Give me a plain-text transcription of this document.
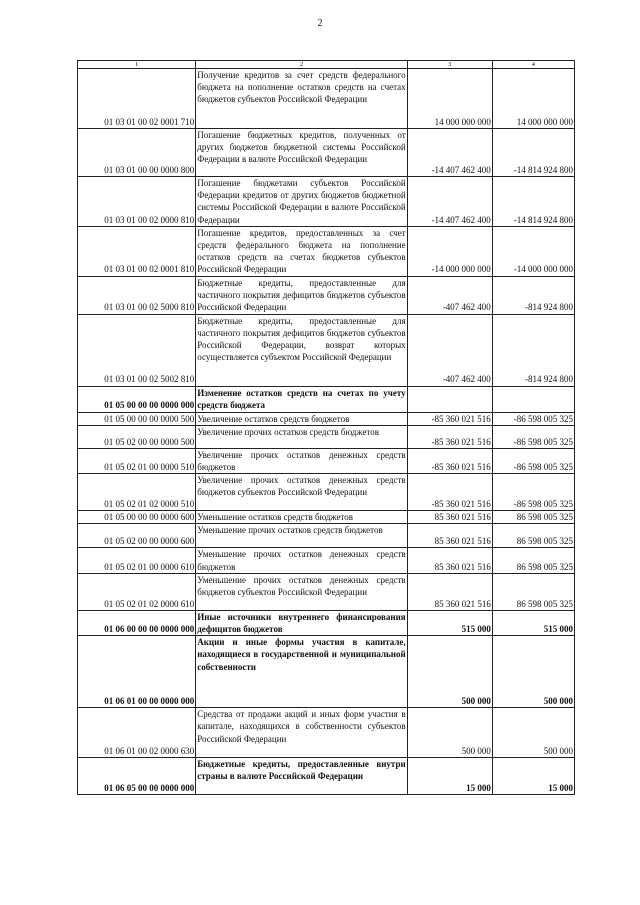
2
1	2	3	4
01 03 01 00 02 0001 710	Получение кредитов за счет средств федерального бюджета на пополнение остатков средств на счетах бюджетов субъектов Российской Федерации	14 000 000 000	14 000 000 000
01 03 01 00 00 0000 800	Погашение бюджетных кредитов, полученных от других бюджетов бюджетной системы Российской Федерации в валюте Российской Федерации	-14 407 462 400	-14 814 924 800
01 03 01 00 02 0000 810	Погашение бюджетами субъектов Российской Федерации кредитов от других бюджетов бюджетной системы Российской Федерации в валюте Российской Федерации	-14 407 462 400	-14 814 924 800
01 03 01 00 02 0001 810	Погашение кредитов, предоставленных за счет средств федерального бюджета на пополнение остатков средств на счетах бюджетов субъектов Российской Федерации	-14 000 000 000	-14 000 000 000
01 03 01 00 02 5000 810	Бюджетные кредиты, предоставленные для частичного покрытия дефицитов бюджетов субъектов Российской Федерации	-407 462 400	-814 924 800
01 03 01 00 02 5002 810	Бюджетные кредиты, предоставленные для частичного покрытия дефицитов бюджетов субъектов Российской Федерации, возврат которых осуществляется субъектом Российской Федерации	-407 462 400	-814 924 800
01 05 00 00 00 0000 000	Изменение остатков средств на счетах по учету средств бюджета		
01 05 00 00 00 0000 500	Увеличение остатков средств бюджетов	-85 360 021 516	-86 598 005 325
01 05 02 00 00 0000 500	Увеличение прочих остатков средств бюджетов	-85 360 021 516	-86 598 005 325
01 05 02 01 00 0000 510	Увеличение прочих остатков денежных средств бюджетов	-85 360 021 516	-86 598 005 325
01 05 02 01 02 0000 510	Увеличение прочих остатков денежных средств бюджетов субъектов Российской Федерации	-85 360 021 516	-86 598 005 325
01 05 00 00 00 0000 600	Уменьшение остатков средств бюджетов	85 360 021 516	86 598 005 325
01 05 02 00 00 0000 600	Уменьшение прочих остатков средств бюджетов	85 360 021 516	86 598 005 325
01 05 02 01 00 0000 610	Уменьшение прочих остатков денежных средств бюджетов	85 360 021 516	86 598 005 325
01 05 02 01 02 0000 610	Уменьшение прочих остатков денежных средств бюджетов субъектов Российской Федерации	85 360 021 516	86 598 005 325
01 06 00 00 00 0000 000	Иные источники внутреннего финансирования дефицитов бюджетов	515 000	515 000
01 06 01 00 00 0000 000	Акции и иные формы участия в капитале, находящиеся в государственной и муниципальной собственности	500 000	500 000
01 06 01 00 02 0000 630	Средства от продажи акций и иных форм участия в капитале, находящихся в собственности субъектов Российской Федерации	500 000	500 000
01 06 05 00 00 0000 000	Бюджетные кредиты, предоставленные внутри страны в валюте Российской Федерации	15 000	15 000
